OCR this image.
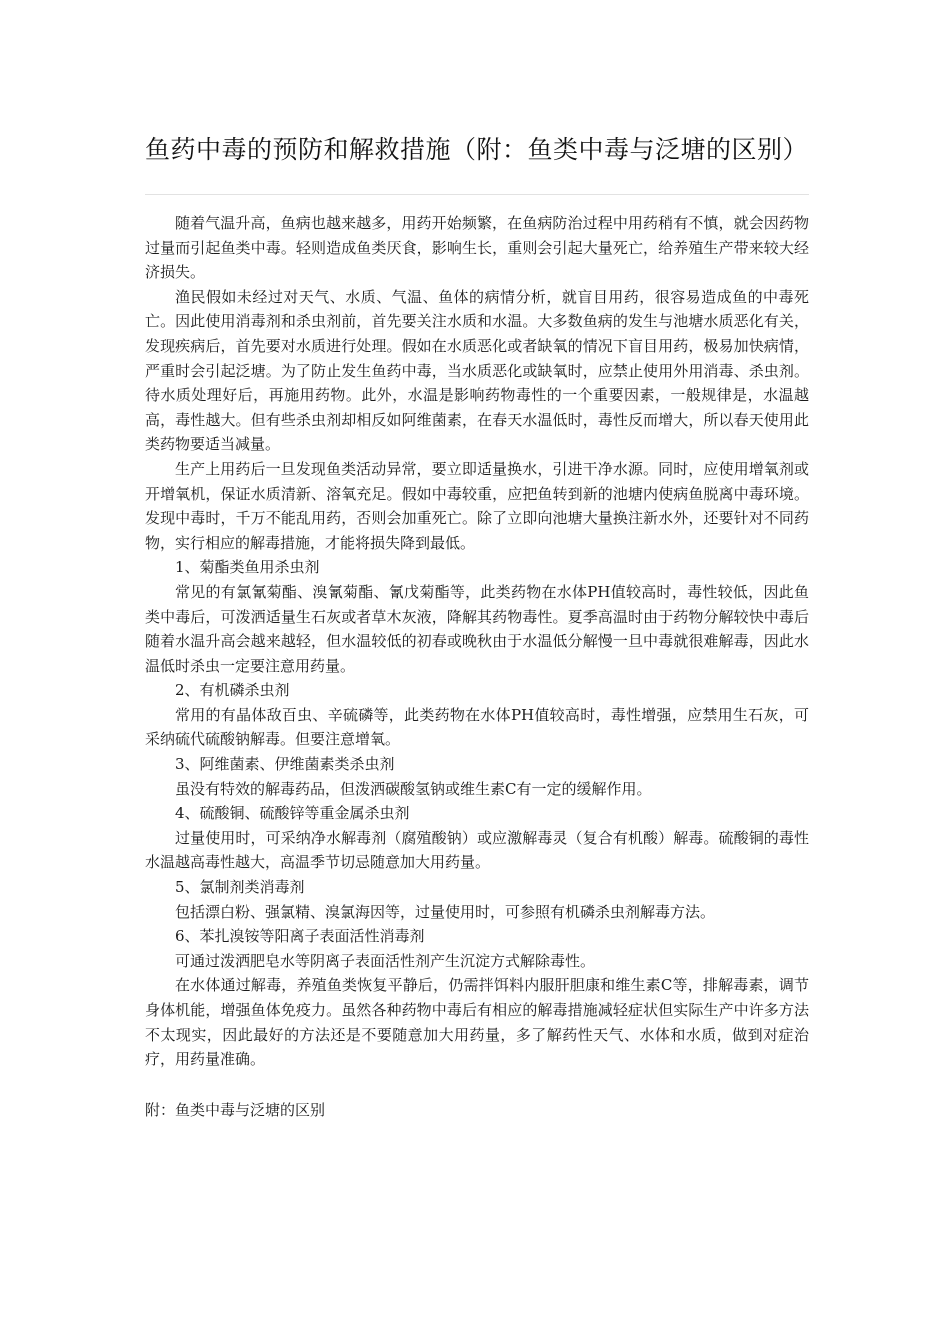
鱼药中毒的预防和解救措施（附：鱼类中毒与泛塘的区别）

随着气温升高，鱼病也越来越多，用药开始频繁，在鱼病防治过程中用药稍有不慎，就会因药物过量而引起鱼类中毒。轻则造成鱼类厌食，影响生长，重则会引起大量死亡，给养殖生产带来较大经济损失。

渔民假如未经过对天气、水质、气温、鱼体的病情分析，就盲目用药，很容易造成鱼的中毒死亡。因此使用消毒剂和杀虫剂前，首先要关注水质和水温。大多数鱼病的发生与池塘水质恶化有关，发现疾病后，首先要对水质进行处理。假如在水质恶化或者缺氧的情况下盲目用药，极易加快病情，严重时会引起泛塘。为了防止发生鱼药中毒，当水质恶化或缺氧时，应禁止使用外用消毒、杀虫剂。待水质处理好后，再施用药物。此外，水温是影响药物毒性的一个重要因素，一般规律是，水温越高，毒性越大。但有些杀虫剂却相反如阿维菌素，在春天水温低时，毒性反而增大，所以春天使用此类药物要适当减量。

生产上用药后一旦发现鱼类活动异常，要立即适量换水，引进干净水源。同时，应使用增氧剂或开增氧机，保证水质清新、溶氧充足。假如中毒较重，应把鱼转到新的池塘内使病鱼脱离中毒环境。发现中毒时，千万不能乱用药，否则会加重死亡。除了立即向池塘大量换注新水外，还要针对不同药物，实行相应的解毒措施，才能将损失降到最低。

1、菊酯类鱼用杀虫剂

常见的有氯氰菊酯、溴氰菊酯、氰戊菊酯等，此类药物在水体PH值较高时，毒性较低，因此鱼类中毒后，可泼洒适量生石灰或者草木灰液，降解其药物毒性。夏季高温时由于药物分解较快中毒后随着水温升高会越来越轻，但水温较低的初春或晚秋由于水温低分解慢一旦中毒就很难解毒，因此水温低时杀虫一定要注意用药量。

2、有机磷杀虫剂

常用的有晶体敌百虫、辛硫磷等，此类药物在水体PH值较高时，毒性增强，应禁用生石灰，可采纳硫代硫酸钠解毒。但要注意增氧。

3、阿维菌素、伊维菌素类杀虫剂

虽没有特效的解毒药品，但泼洒碳酸氢钠或维生素C有一定的缓解作用。

4、硫酸铜、硫酸锌等重金属杀虫剂

过量使用时，可采纳净水解毒剂（腐殖酸钠）或应激解毒灵（复合有机酸）解毒。硫酸铜的毒性水温越高毒性越大，高温季节切忌随意加大用药量。

5、氯制剂类消毒剂

包括漂白粉、强氯精、溴氯海因等，过量使用时，可参照有机磷杀虫剂解毒方法。

6、苯扎溴铵等阳离子表面活性消毒剂

可通过泼洒肥皂水等阴离子表面活性剂产生沉淀方式解除毒性。

在水体通过解毒，养殖鱼类恢复平静后，仍需拌饵料内服肝胆康和维生素C等，排解毒素，调节身体机能，增强鱼体免疫力。虽然各种药物中毒后有相应的解毒措施减轻症状但实际生产中许多方法不太现实，因此最好的方法还是不要随意加大用药量，多了解药性天气、水体和水质，做到对症治疗，用药量准确。

附：鱼类中毒与泛塘的区别
